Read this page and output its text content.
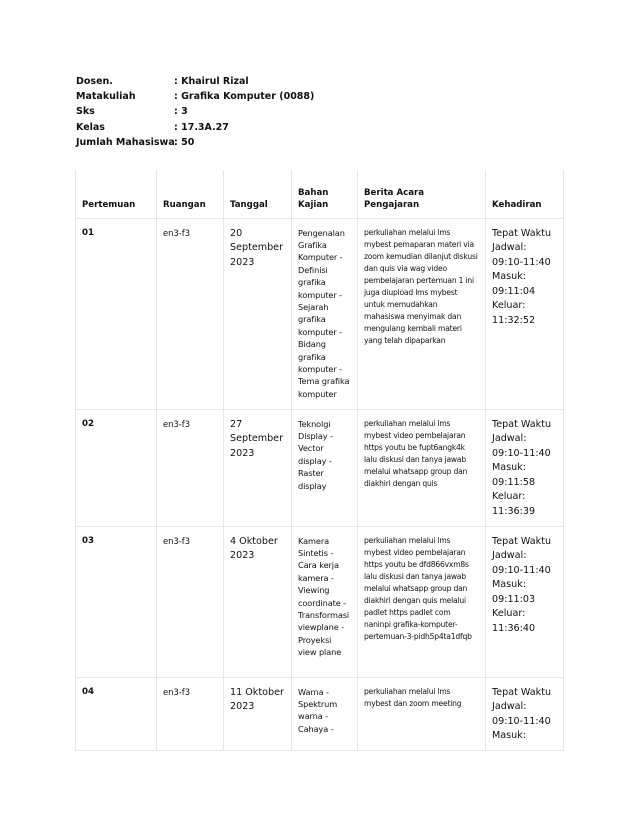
Dosen.	: Khairul Rizal
Matakuliah	: Grafika Komputer (0088)
Sks	: 3
Kelas	: 17.3A.27
Jumlah Mahasiswa : 50
Pertemuan	Ruangan	Tanggal	Bahan Kajian	Berita Acara Pengajaran	Kehadiran
01	en3-f3	20 September 2023	Pengenalan Grafika Komputer - Definisi grafika komputer - Sejarah grafika komputer - Bidang grafika komputer - Tema grafika komputer	perkuliahan melalui lms mybest pemaparan materi via zoom kemudian dilanjut diskusi dan quis via wag video pembelajaran pertemuan 1 ini juga diupload lms mybest untuk memudahkan mahasiswa menyimak dan mengulang kembali materi yang telah dipaparkan	Tepat Waktu Jadwal: 09:10-11:40 Masuk: 09:11:04 Keluar: 11:32:52
02	en3-f3	27 September 2023	Teknolgi Display - Vector display - Raster display	perkuliahan melalui lms mybest video pembelajaran https youtu be fupt6angk4k lalu diskusi dan tanya jawab melalui whatsapp group dan diakhiri dengan quis	Tepat Waktu Jadwal: 09:10-11:40 Masuk: 09:11:58 Keluar: 11:36:39
03	en3-f3	4 Oktober 2023	Kamera Sintetis - Cara kerja kamera - Viewing coordinate - Transformasi viewplane - Proyeksi view plane	perkuliahan melalui lms mybest video pembelajaran https youtu be dfd866vxm8s lalu diskusi dan tanya jawab melalui whatsapp group dan diakhiri dengan quis melalui padlet https padlet com naninpi grafika-komputer-pertemuan-3-pidh5p4ta1dfqb	Tepat Waktu Jadwal: 09:10-11:40 Masuk: 09:11:03 Keluar: 11:36:40
04	en3-f3	11 Oktober 2023	Warna - Spektrum warna - Cahaya -	perkuliahan melalui lms mybest dan zoom meeting	Tepat Waktu Jadwal: 09:10-11:40 Masuk:
